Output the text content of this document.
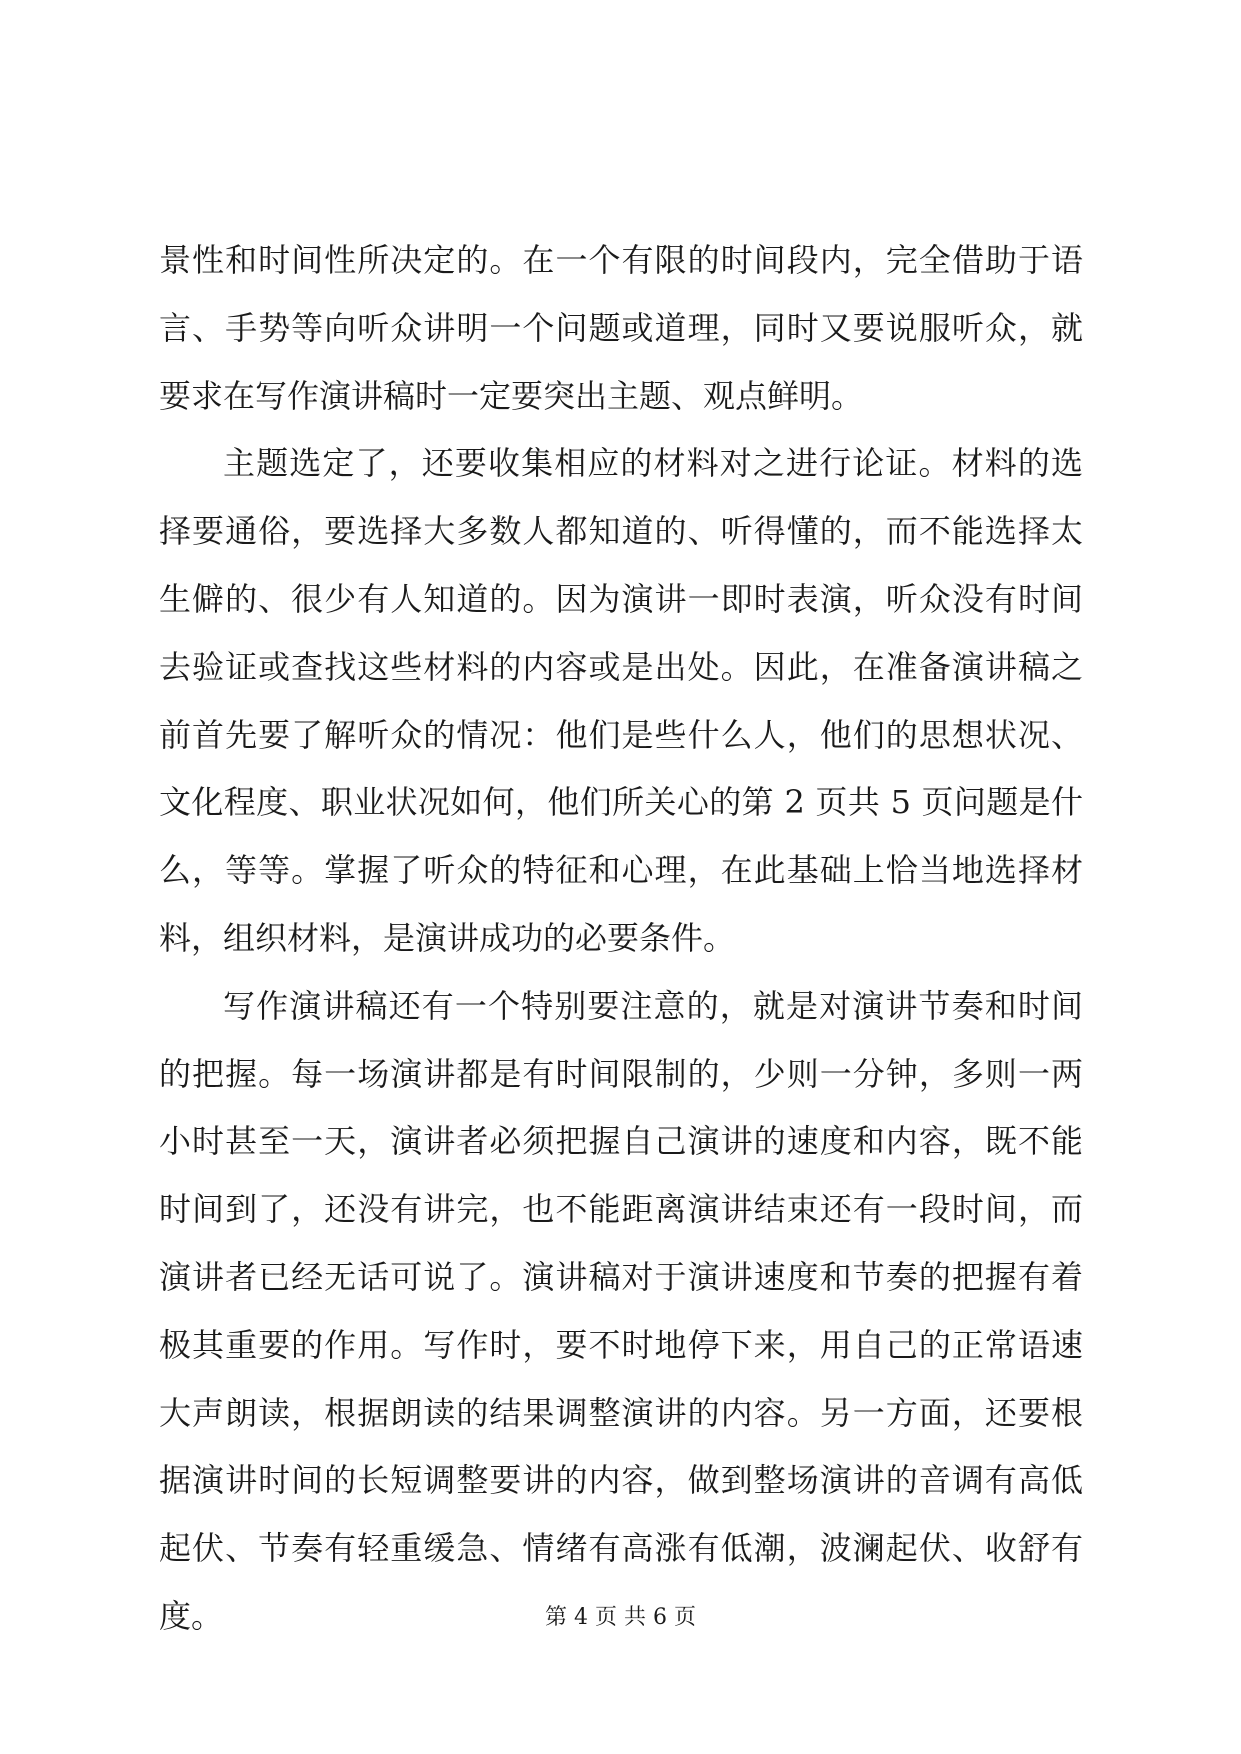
景性和时间性所决定的。在一个有限的时间段内，完全借助于语
言、手势等向听众讲明一个问题或道理，同时又要说服听众，就
要求在写作演讲稿时一定要突出主题、观点鲜明。
主题选定了，还要收集相应的材料对之进行论证。材料的选
择要通俗，要选择大多数人都知道的、听得懂的，而不能选择太
生僻的、很少有人知道的。因为演讲一即时表演，听众没有时间
去验证或查找这些材料的内容或是出处。因此，在准备演讲稿之
前首先要了解听众的情况：他们是些什么人，他们的思想状况、
文化程度、职业状况如何，他们所关心的第 2 页共 5 页问题是什
么，等等。掌握了听众的特征和心理，在此基础上恰当地选择材
料，组织材料，是演讲成功的必要条件。
写作演讲稿还有一个特别要注意的，就是对演讲节奏和时间
的把握。每一场演讲都是有时间限制的，少则一分钟，多则一两
小时甚至一天，演讲者必须把握自己演讲的速度和内容，既不能
时间到了，还没有讲完，也不能距离演讲结束还有一段时间，而
演讲者已经无话可说了。演讲稿对于演讲速度和节奏的把握有着
极其重要的作用。写作时，要不时地停下来，用自己的正常语速
大声朗读，根据朗读的结果调整演讲的内容。另一方面，还要根
据演讲时间的长短调整要讲的内容，做到整场演讲的音调有高低
起伏、节奏有轻重缓急、情绪有高涨有低潮，波澜起伏、收舒有
度。	第 4 页 共 6 页
